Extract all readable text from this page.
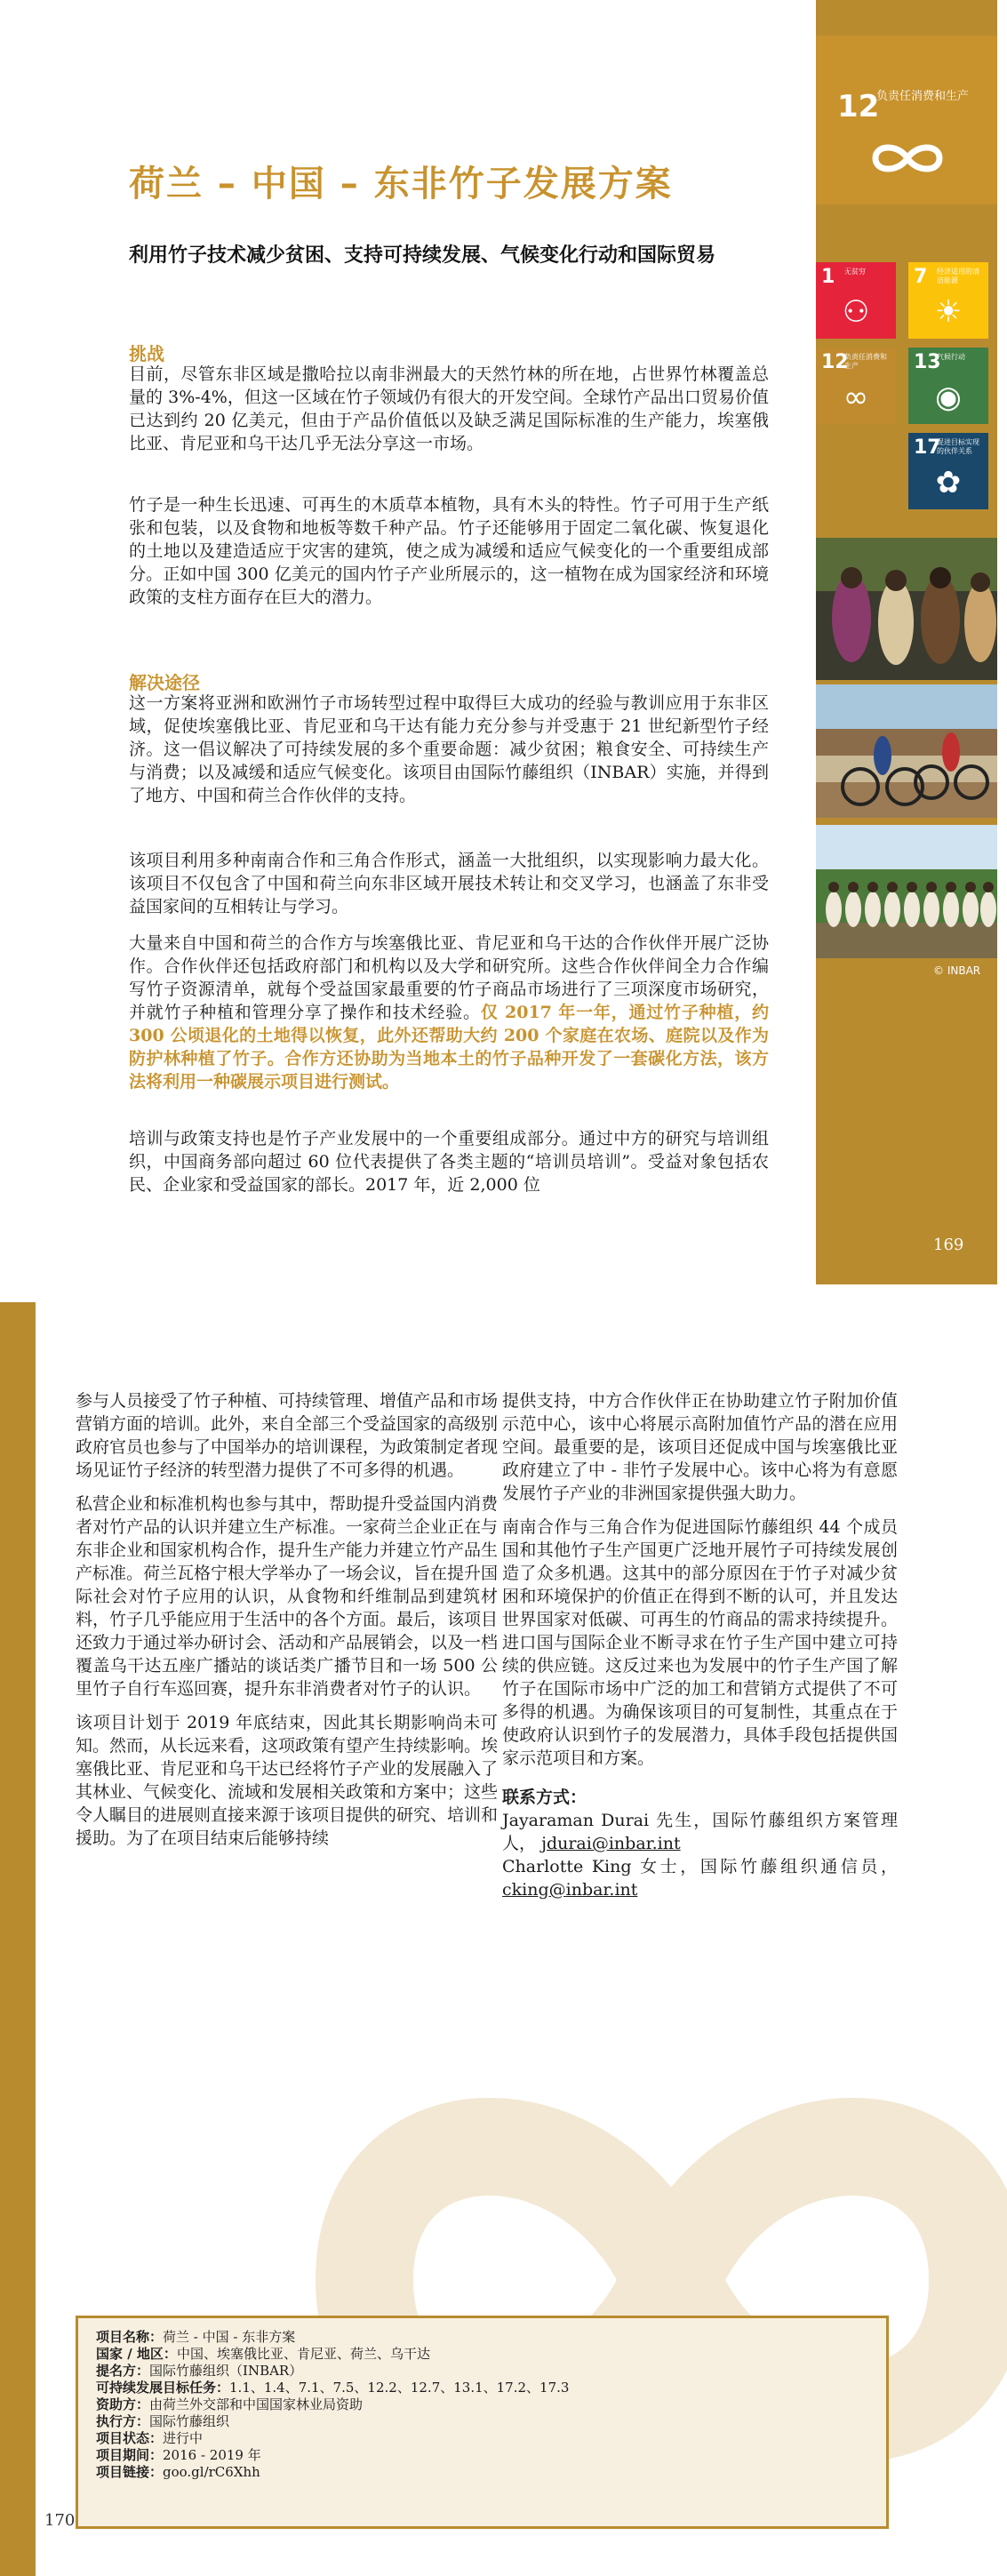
12
负责任消费和生产
1 无贫穷
⚇
7 经济适用的清洁能源
☀
12
负责任消费和生产
∞
13
气候行动
◉
17
促进目标实现的伙伴关系
✿
© INBAR
169
荷兰 – 中国 – 东非竹子发展方案
利用竹子技术减少贫困、支持可持续发展、气候变化行动和国际贸易
挑战

目前，尽管东非区域是撒哈拉以南非洲最大的天然竹林的所在地，占世界竹林覆盖总量的 3%-4%，但这一区域在竹子领域仍有很大的开发空间。全球竹产品出口贸易价值已达到约 20 亿美元，但由于产品价值低以及缺乏满足国际标准的生产能力，埃塞俄比亚、肯尼亚和乌干达几乎无法分享这一市场。

竹子是一种生长迅速、可再生的木质草本植物，具有木头的特性。竹子可用于生产纸张和包装，以及食物和地板等数千种产品。竹子还能够用于固定二氧化碳、恢复退化的土地以及建造适应于灾害的建筑，使之成为减缓和适应气候变化的一个重要组成部分。正如中国 300 亿美元的国内竹子产业所展示的，这一植物在成为国家经济和环境政策的支柱方面存在巨大的潜力。

解决途径

这一方案将亚洲和欧洲竹子市场转型过程中取得巨大成功的经验与教训应用于东非区域，促使埃塞俄比亚、肯尼亚和乌干达有能力充分参与并受惠于 21 世纪新型竹子经济。这一倡议解决了可持续发展的多个重要命题：减少贫困；粮食安全、可持续生产与消费；以及减缓和适应气候变化。该项目由国际竹藤组织（INBAR）实施，并得到了地方、中国和荷兰合作伙伴的支持。

该项目利用多种南南合作和三角合作形式，涵盖一大批组织，以实现影响力最大化。该项目不仅包含了中国和荷兰向东非区域开展技术转让和交叉学习，也涵盖了东非受益国家间的互相转让与学习。

大量来自中国和荷兰的合作方与埃塞俄比亚、肯尼亚和乌干达的合作伙伴开展广泛协作。合作伙伴还包括政府部门和机构以及大学和研究所。这些合作伙伴间全力合作编写竹子资源清单，就每个受益国家最重要的竹子商品市场进行了三项深度市场研究，并就竹子种植和管理分享了操作和技术经验。仅 2017 年一年，通过竹子种植，约 300 公顷退化的土地得以恢复，此外还帮助大约 200 个家庭在农场、庭院以及作为防护林种植了竹子。合作方还协助为当地本土的竹子品种开发了一套碳化方法，该方法将利用一种碳展示项目进行测试。

培训与政策支持也是竹子产业发展中的一个重要组成部分。通过中方的研究与培训组织，中国商务部向超过 60 位代表提供了各类主题的“培训员培训”。受益对象包括农民、企业家和受益国家的部长。2017 年，近 2,000 位

参与人员接受了竹子种植、可持续管理、增值产品和市场营销方面的培训。此外，来自全部三个受益国家的高级别政府官员也参与了中国举办的培训课程，为政策制定者现场见证竹子经济的转型潜力提供了不可多得的机遇。

私营企业和标准机构也参与其中，帮助提升受益国内消费者对竹产品的认识并建立生产标准。一家荷兰企业正在与东非企业和国家机构合作，提升生产能力并建立竹产品生产标准。荷兰瓦格宁根大学举办了一场会议，旨在提升国际社会对竹子应用的认识，从食物和纤维制品到建筑材料，竹子几乎能应用于生活中的各个方面。最后，该项目还致力于通过举办研讨会、活动和产品展销会，以及一档覆盖乌干达五座广播站的谈话类广播节目和一场 500 公里竹子自行车巡回赛，提升东非消费者对竹子的认识。

该项目计划于 2019 年底结束，因此其长期影响尚未可知。然而，从长远来看，这项政策有望产生持续影响。埃塞俄比亚、肯尼亚和乌干达已经将竹子产业的发展融入了其林业、气候变化、流域和发展相关政策和方案中；这些令人瞩目的进展则直接来源于该项目提供的研究、培训和援助。为了在项目结束后能够持续

提供支持，中方合作伙伴正在协助建立竹子附加价值示范中心，该中心将展示高附加值竹产品的潜在应用空间。最重要的是，该项目还促成中国与埃塞俄比亚政府建立了中 - 非竹子发展中心。该中心将为有意愿发展竹子产业的非洲国家提供强大助力。

南南合作与三角合作为促进国际竹藤组织 44 个成员国和其他竹子生产国更广泛地开展竹子可持续发展创造了众多机遇。这其中的部分原因在于竹子对减少贫困和环境保护的价值正在得到不断的认可，并且发达世界国家对低碳、可再生的竹商品的需求持续提升。进口国与国际企业不断寻求在竹子生产国中建立可持续的供应链。这反过来也为发展中的竹子生产国了解竹子在国际市场中广泛的加工和营销方式提供了不可多得的机遇。为确保该项目的可复制性，其重点在于使政府认识到竹子的发展潜力，具体手段包括提供国家示范项目和方案。

联系方式：
Jayaraman Durai 先生，国际竹藤组织方案管理人， jdurai@inbar.int
Charlotte King 女士，国际竹藤组织通信员， cking@inbar.int
项目名称：荷兰 - 中国 - 东非方案
国家 / 地区：中国、埃塞俄比亚、肯尼亚、荷兰、乌干达
提名方：国际竹藤组织（INBAR）
可持续发展目标任务：1.1、1.4、7.1、7.5、12.2、12.7、13.1、17.2、17.3
资助方：由荷兰外交部和中国国家林业局资助
执行方：国际竹藤组织
项目状态：进行中
项目期间：2016 - 2019 年
项目链接：goo.gl/rC6Xhh
170
